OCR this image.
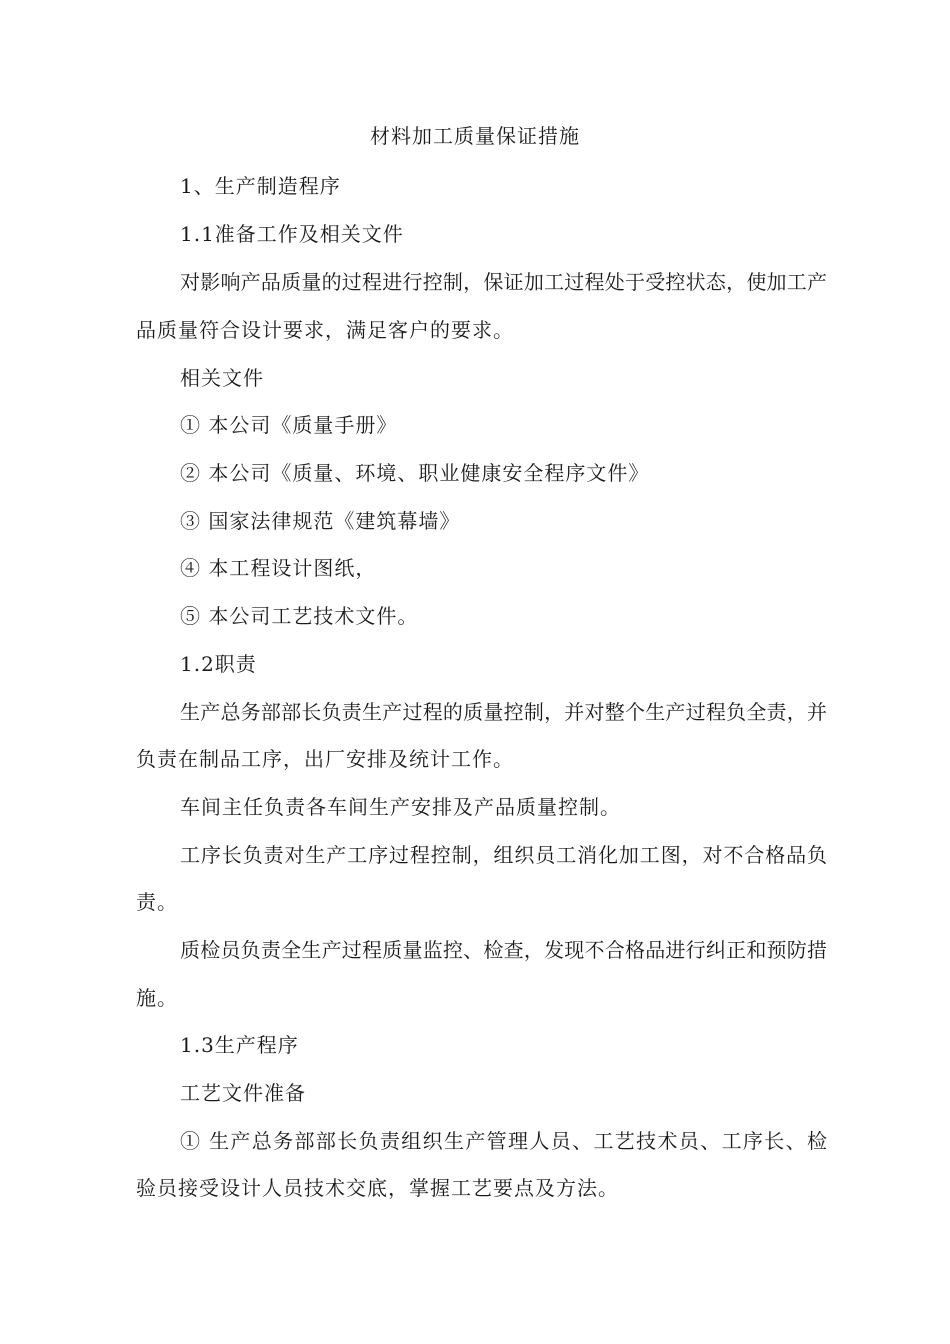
材料加工质量保证措施
1、生产制造程序
1.1准备工作及相关文件
对影响产品质量的过程进行控制，保证加工过程处于受控状态，使加工产
品质量符合设计要求，满足客户的要求。
相关文件
① 本公司《质量手册》
② 本公司《质量、环境、职业健康安全程序文件》
③ 国家法律规范《建筑幕墙》
④ 本工程设计图纸，
⑤ 本公司工艺技术文件。
1.2职责
生产总务部部长负责生产过程的质量控制，并对整个生产过程负全责，并
负责在制品工序，出厂安排及统计工作。
车间主任负责各车间生产安排及产品质量控制。
工序长负责对生产工序过程控制，组织员工消化加工图，对不合格品负
责。
质检员负责全生产过程质量监控、检查，发现不合格品进行纠正和预防措
施。
1.3生产程序
工艺文件准备
① 生产总务部部长负责组织生产管理人员、工艺技术员、工序长、检
验员接受设计人员技术交底，掌握工艺要点及方法。
